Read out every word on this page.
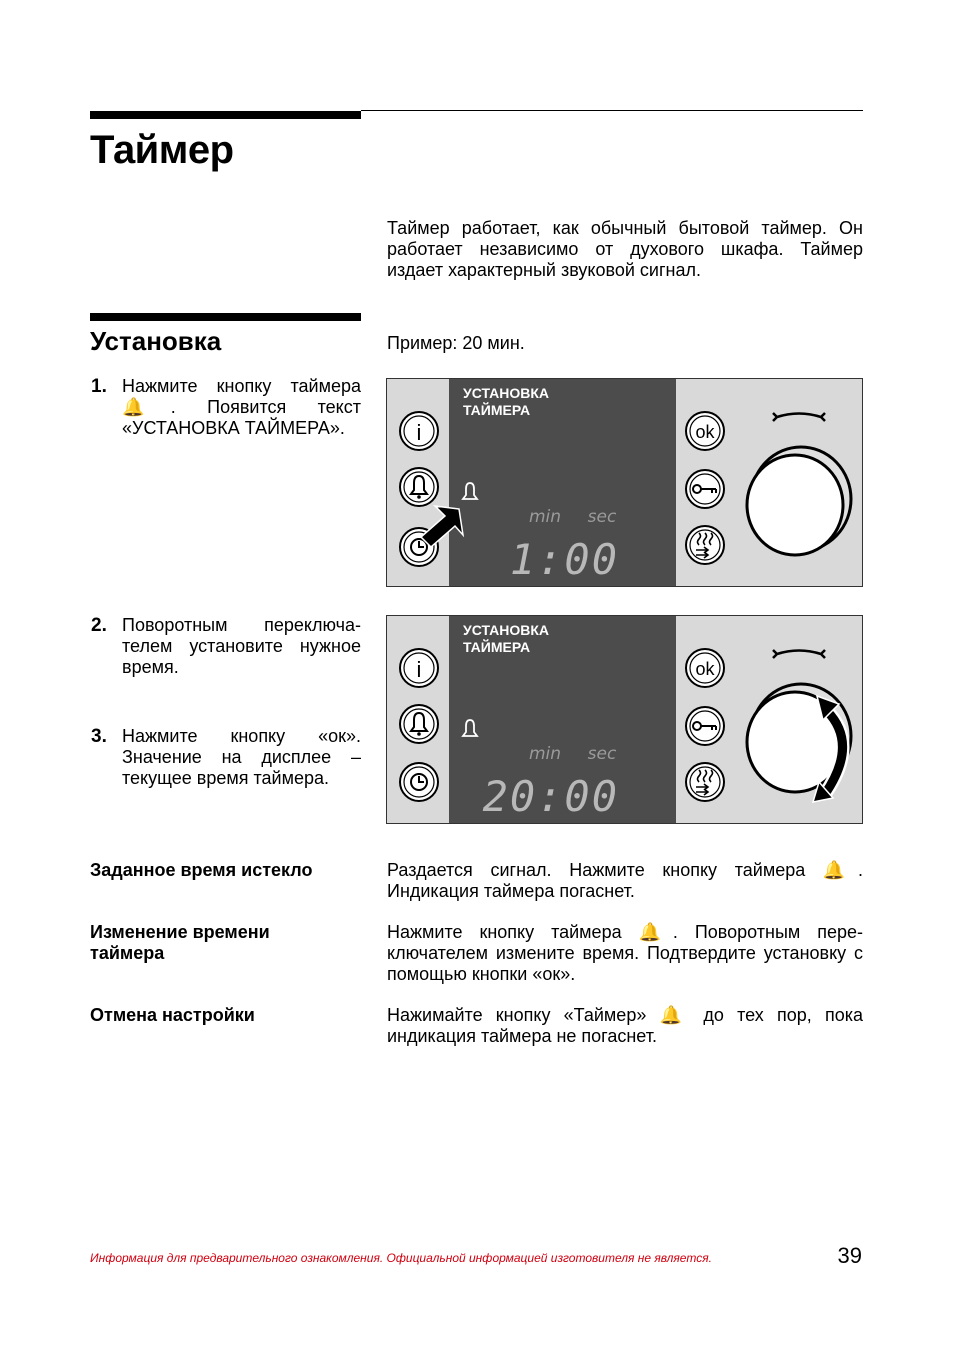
Таймер
Таймер работает, как обычный бытовой таймер. Он работает независимо от духового шкафа. Таймер издает характерный звуковой сигнал.
Установка	Пример: 20 мин.
1. Нажмите кнопку таймера 🔔. Появится текст «УСТАНОВКА ТАЙМЕРА».
2. Поворотным переключателем установите нужное время.
3. Нажмите кнопку «ок». Значение на дисплее – текущее время таймера.
УСТАНОВКА
ТАЙМЕРА
i
min sec
1:00
ok
УСТАНОВКА
ТАЙМЕРА
i
min sec
20:00
ok
Заданное время истекло	Раздается сигнал. Нажмите кнопку таймера 🔔. Индикация таймера погаснет.
Изменение времени таймера
Нажмите кнопку таймера 🔔. Поворотным переключателем измените время. Подтвердите установку с помощью кнопки «ок».
Отмена настройки	Нажимайте кнопку «Таймер» 🔔 до тех пор, пока индикация таймера не погаснет.
Информация для предварительного ознакомления. Официальной информацией изготовителя не является.	39
